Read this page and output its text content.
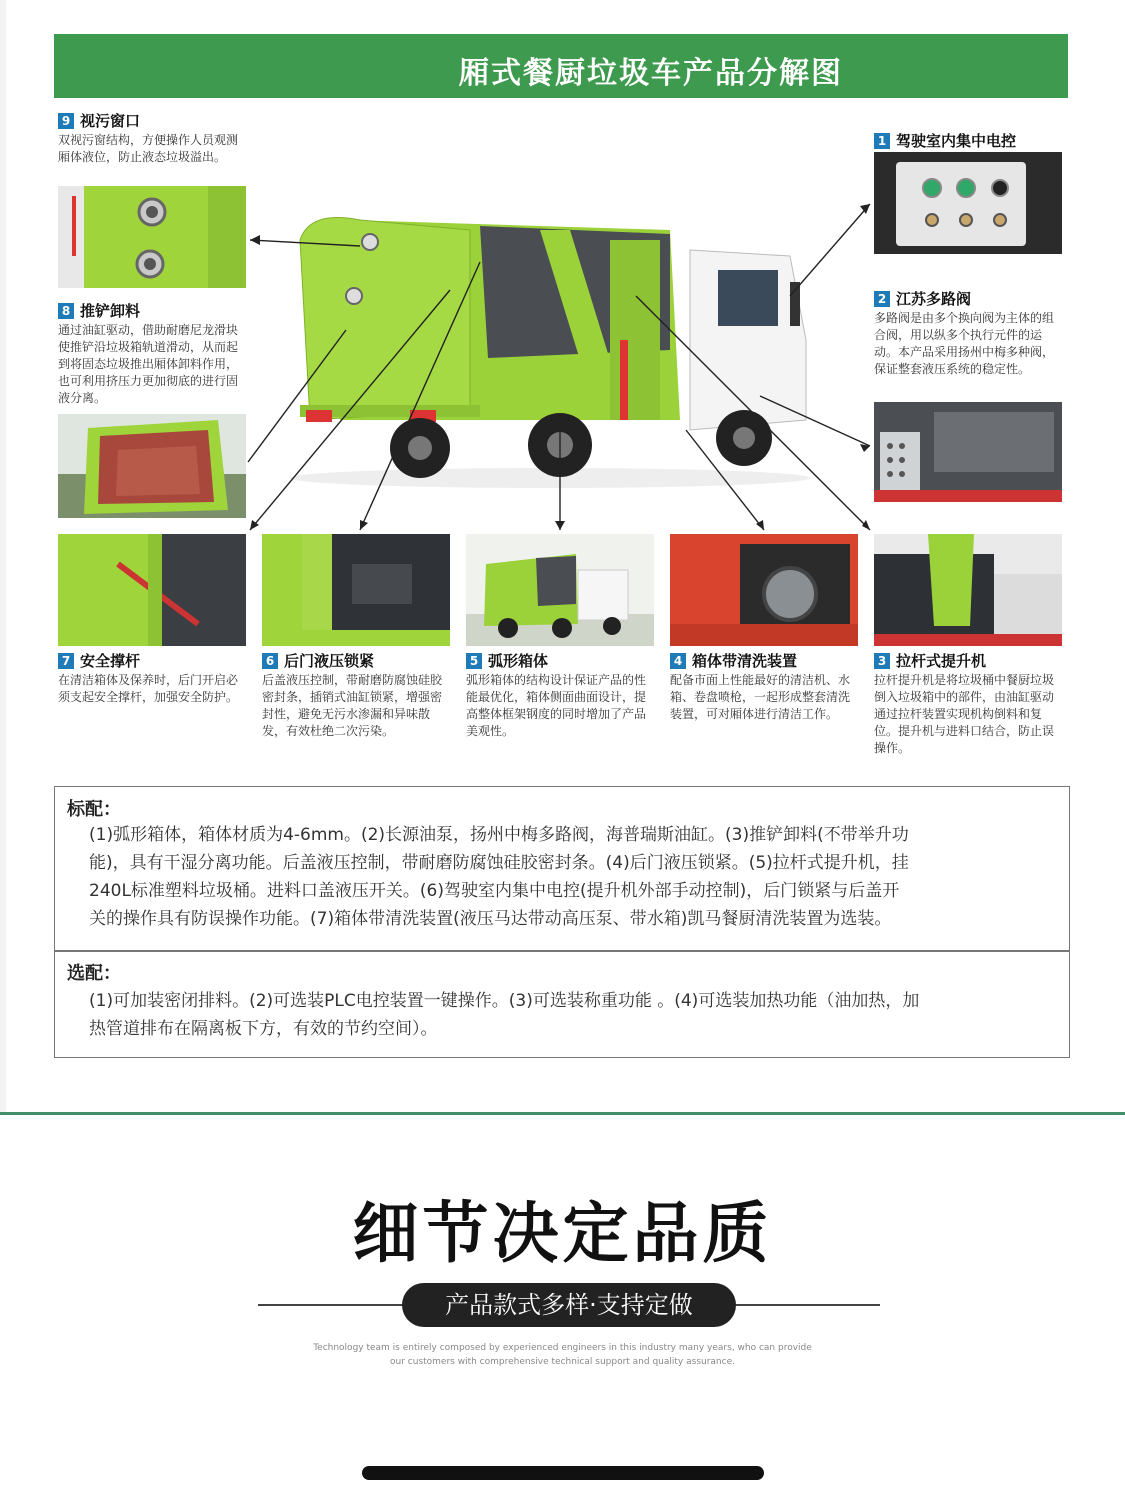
厢式餐厨垃圾车产品分解图
9 视污窗口
双视污窗结构，方便操作人员观测厢体液位，防止液态垃圾溢出。
8 推铲卸料
通过油缸驱动，借助耐磨尼龙滑块使推铲沿垃圾箱轨道滑动，从而起到将固态垃圾推出厢体卸料作用，也可利用挤压力更加彻底的进行固液分离。
1 驾驶室内集中电控
2 江苏多路阀
多路阀是由多个换向阀为主体的组合阀，用以纵多个执行元件的运动。本产品采用扬州中梅多种阀，保证整套液压系统的稳定性。
7 安全撑杆
在清洁箱体及保养时，后门开启必须支起安全撑杆，加强安全防护。
6 后门液压锁紧
后盖液压控制，带耐磨防腐蚀硅胶密封条，插销式油缸锁紧，增强密封性，避免无污水渗漏和异味散发，有效杜绝二次污染。
5 弧形箱体
弧形箱体的结构设计保证产品的性能最优化，箱体侧面曲面设计，提高整体框架钢度的同时增加了产品美观性。
4 箱体带清洗装置
配备市面上性能最好的清洁机、水箱、卷盘喷枪，一起形成整套清洗装置，可对厢体进行清洁工作。
3 拉杆式提升机
拉杆提升机是将垃圾桶中餐厨垃圾倒入垃圾箱中的部件，由油缸驱动通过拉杆装置实现机构倒料和复位。提升机与进料口结合，防止误操作。
标配：
(1)弧形箱体，箱体材质为4-6mm。(2)长源油泵，扬州中梅多路阀，海普瑞斯油缸。(3)推铲卸料(不带举升功
能)，具有干湿分离功能。后盖液压控制，带耐磨防腐蚀硅胶密封条。(4)后门液压锁紧。(5)拉杆式提升机，挂
240L标准塑料垃圾桶。进料口盖液压开关。(6)驾驶室内集中电控(提升机外部手动控制)，后门锁紧与后盖开
关的操作具有防误操作功能。(7)箱体带清洗装置(液压马达带动高压泵、带水箱)凯马餐厨清洗装置为选装。
选配：
(1)可加装密闭排料。(2)可选装PLC电控装置一键操作。(3)可选装称重功能 。(4)可选装加热功能（油加热，加
热管道排布在隔离板下方，有效的节约空间）。
细节决定品质
产品款式多样·支持定做
Technology team is entirely composed by experienced engineers in this industry many years, who can provide
our customers with comprehensive technical support and quality assurance.
